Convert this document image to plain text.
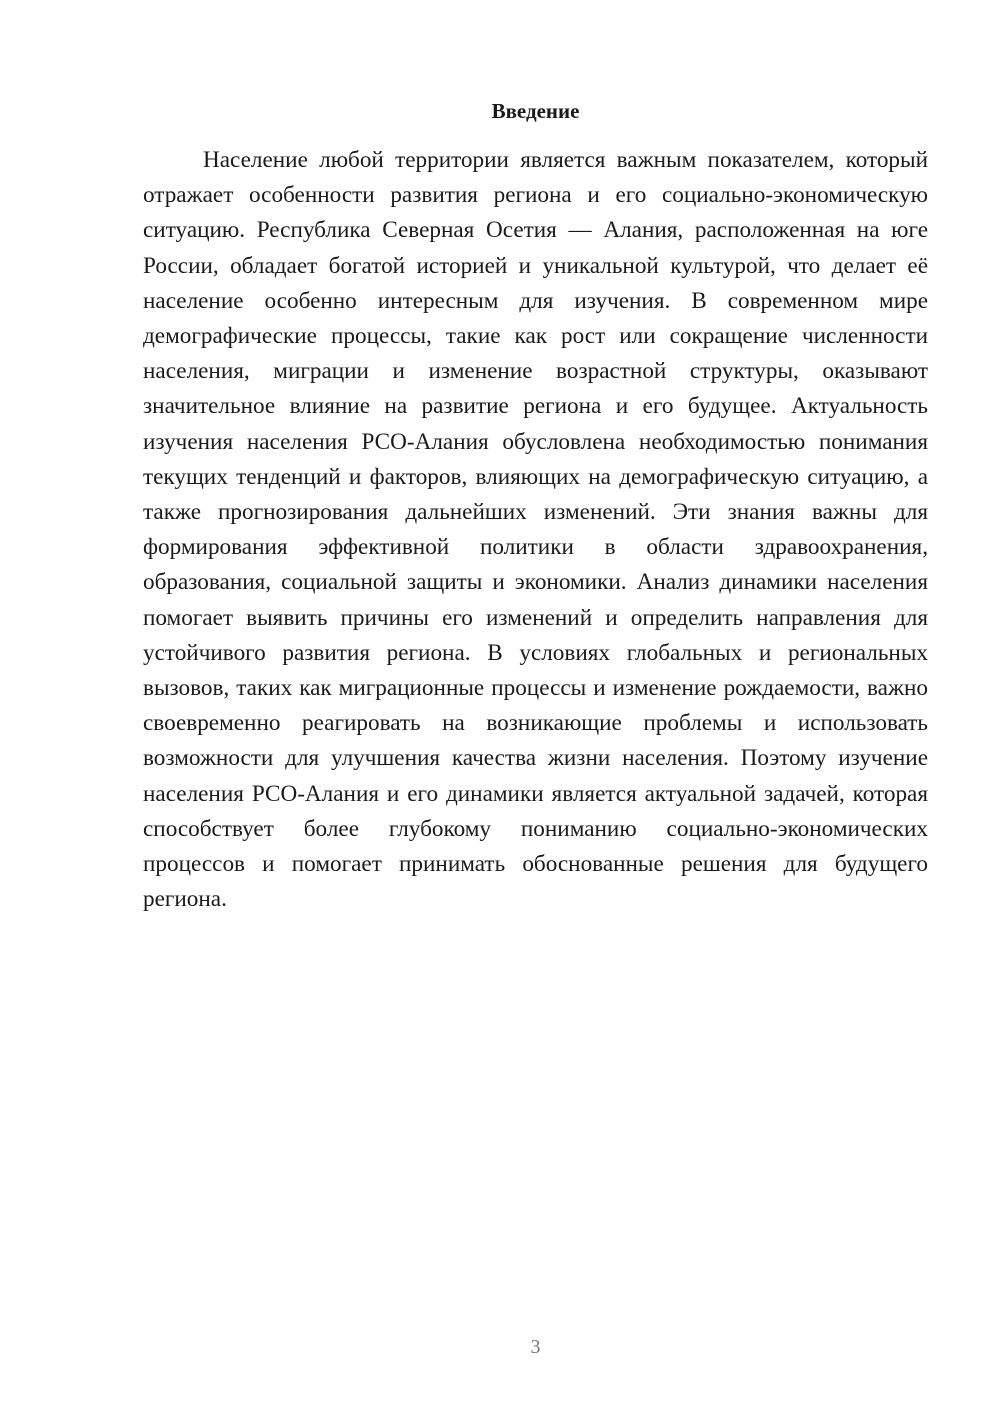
Введение

Население любой территории является важным показателем, который отражает особенности развития региона и его социально-экономическую ситуацию. Республика Северная Осетия — Алания, расположенная на юге России, обладает богатой историей и уникальной культурой, что делает её население особенно интересным для изучения. В современном мире демографические процессы, такие как рост или сокращение численности населения, миграции и изменение возрастной структуры, оказывают значительное влияние на развитие региона и его будущее. Актуальность изучения населения РСО-Алания обусловлена необходимостью понимания текущих тенденций и факторов, влияющих на демографическую ситуацию, а также прогнозирования дальнейших изменений. Эти знания важны для формирования эффективной политики в области здравоохранения, образования, социальной защиты и экономики. Анализ динамики населения помогает выявить причины его изменений и определить направления для устойчивого развития региона. В условиях глобальных и региональных вызовов, таких как миграционные процессы и изменение рождаемости, важно своевременно реагировать на возникающие проблемы и использовать возможности для улучшения качества жизни населения. Поэтому изучение населения РСО-Алания и его динамики является актуальной задачей, которая способствует более глубокому пониманию социально-экономических процессов и помогает принимать обоснованные решения для будущего региона.

3
